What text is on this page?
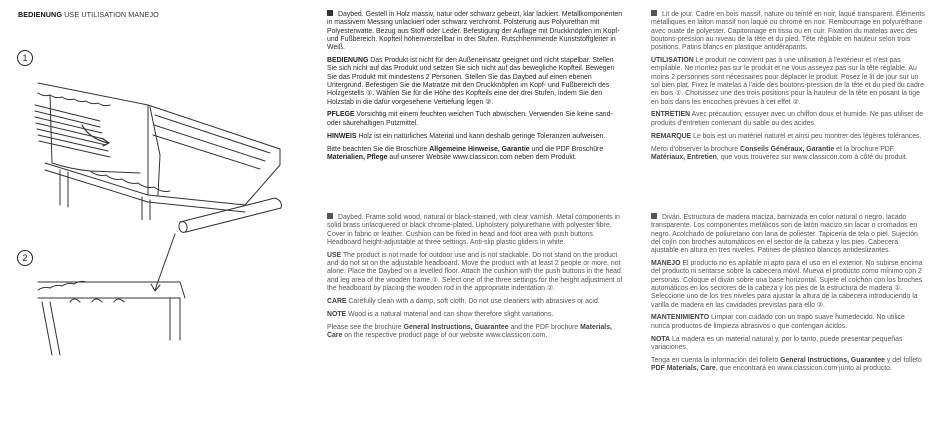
BEDIENUNG USE UTILISATION MANEJO
1
2

Daybed. Gestell in Holz massiv, natur oder schwarz gebeizt, klar lackiert. Metallkomponenten in massivem Messing unlackiert oder schwarz verchromt. Polsterung aus Polyurethan mit Polyesterwatte. Bezug aus Stoff oder Leder. Befestigung der Auflage mit Druckknöpfen im Kopf- und Fußbereich. Kopfteil höhenverstellbar in drei Stufen. Rutschhemmende Kunststoffgleiter in Weiß.

BEDIENUNG Das Produkt ist nicht für den Außeneinsatz geeignet und nicht stapelbar. Stellen Sie sich nicht auf das Produkt und setzen Sie sich nicht auf das bewegliche Kopfteil. Bewegen Sie das Produkt mit mindestens 2 Personen. Stellen Sie das Daybed auf einen ebenen Untergrund. Befestigen Sie die Matratze mit den Druckknöpfen im Kopf- und Fußbereich des Holzgestells ①. Wählen Sie für die Höhe des Kopfteils eine der drei Stufen, indem Sie den Holzstab in die dafür vorgesehene Vertiefung legen ②.

PFLEGE Vorsichtig mit einem feuchten weichen Tuch abwischen. Verwenden Sie keine sand- oder säurehaltigen Putzmittel.

HINWEIS Holz ist ein natürliches Material und kann deshalb geringe Toleranzen aufweisen.

Bitte beachten Sie die Broschüre Allgemeine Hinweise, Garantie und die PDF Broschüre Materialien, Pflege auf unserer Website www.classicon.com neben dem Produkt.

Lit de jour. Cadre en bois massif, nature ou teinté en noir, laqué transparent. Éléments métalliques en laiton massif non laqué ou chromé en noir. Rembourrage en polyuréthane avec ouate de polyester. Capitonnage en tissu ou en cuir. Fixation du matelas avec des boutons-pression au niveau de la tête et du pied. Tête réglable en hauteur selon trois positions. Patins blancs en plastique antidérapants.

UTILISATION Le produit ne convient pas à une utilisation à l'extérieur et n'est pas empilable. Ne montez pas sur le produit et ne vous asseyez pas sur la tête réglable. Au moins 2 personnes sont nécessaires pour déplacer le produit. Posez le lit de jour sur un sol bien plat. Fixez le matelas à l'aide des boutons-pression de la tête et du pied du cadre en bois ①. Choisissez une des trois positions pour la hauteur de la tête en posant la tige en bois dans les encoches prévues à cet effet ②.

ENTRETIEN Avec précaution, essuyer avec un chiffon doux et humide. Ne pas utiliser de produits d'entretien contenant du sable ou des acides.

REMARQUE Le bois est un matériel naturel et ainsi peu montrer des légères tolérances.

Merci d'observer la brochure Conseils Généraux, Garantie et la brochure PDF Matériaux, Entretien, que vous trouverez sur www.classicon.com à côté du produit.

Daybed. Frame solid wood, natural or black-stained, with clear varnish. Metal components in solid brass unlacquered or black chrome-plated. Upholstery polyurethane with polyester fibre. Cover in fabric or leather. Cushion can be fixed in head and foot area with push buttons. Headboard height-adjustable at three settings. Anti-slip plastic gliders in white.

USE The product is not made for outdoor use and is not stackable. Do not stand on the product and do not sit on the adjustable headboard. Move the product with at least 2 people or more, not alone. Place the Daybed on a levelled floor. Attach the cushion with the push buttons in the head and leg area of the wooden frame ①. Select one of the three settings for the height adjustment of the headboard by placing the wooden rod in the appropriate indentation ②.

CARE Carefully clean with a damp, soft cloth. Do not use cleaners with abrasives or acid.

NOTE Wood is a natural material and can show therefore slight variations.

Please see the brochure General Instructions, Guarantee and the PDF brochure Materials, Care on the respective product page of our website www.classicon.com.

Diván. Estructura de madera maciza, barnizada en color natural o negro, lacado transparente. Los componentes metálicos son de latón macizo sin lacar o cromados en negro. Acolchado de poliuretano con lana de poliéster. Tapicería de tela o piel. Sujeción del cojín con broches automáticos en el sector de la cabeza y los pies. Cabecera ajustable en altura en tres niveles. Patines de plástico blancos antideslizantes.

MANEJO El producto no es apilable ni apto para el uso en el exterior. No subirse encima del producto ni sentarse sobre la cabecera móvil. Mueva el producto como mínimo con 2 personas. Coloque el diván sobre una base horizontal. Sujete el colchón con los broches automáticos en los sectores de la cabeza y los pies de la estructura de madera ①. Seleccione uno de los tres niveles para ajustar la altura de la cabecera introduciendo la varilla de madera en las cavidades previstas para ello ②.

MANTENIMIENTO Limpiar con cuidado con un trapo suave humedecido. No utilice nunca productos de limpieza abrasivos o que contengan ácidos.

NOTA La madera es un material natural y, por lo tanto, puede presentar pequeñas variaciones.

Tenga en cuenta la información del folleto General Instructions, Guarantee y del folleto PDF Materials, Care, que encontrará en www.classicon.com junto al producto.
